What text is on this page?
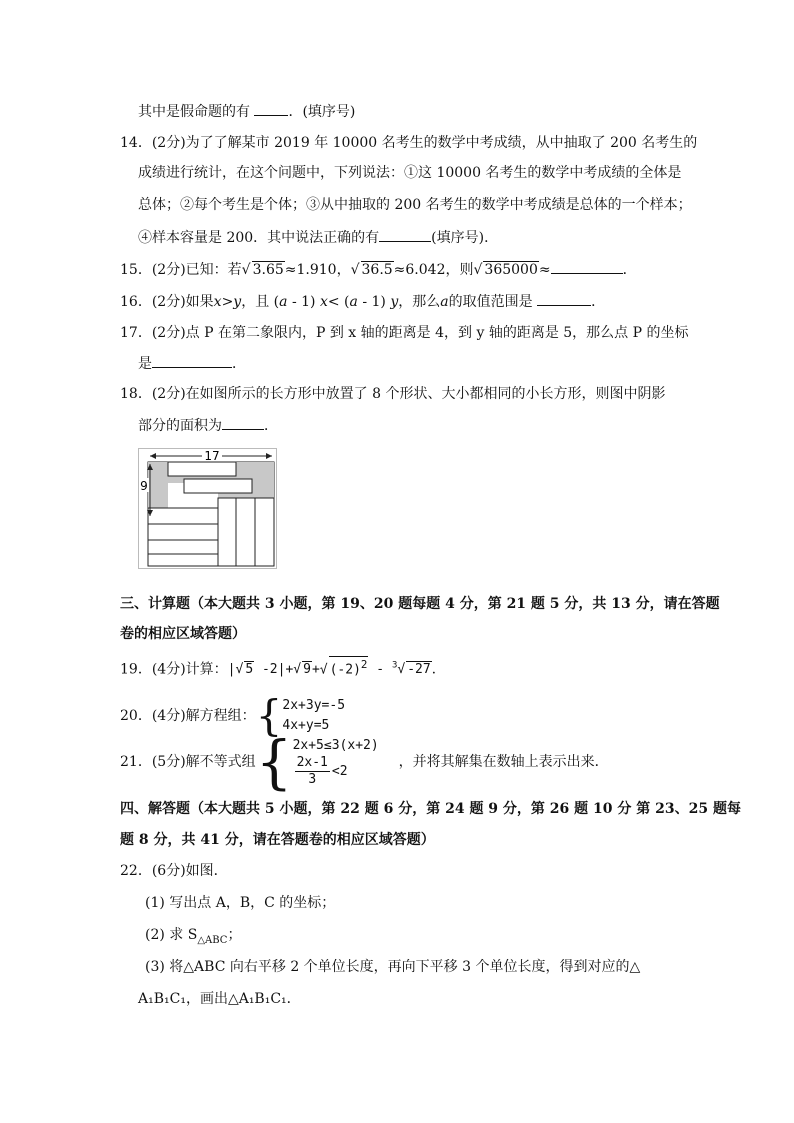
其中是假命题的有	．(填序号)
14．(2分)为了了解某市 2019 年 10000 名考生的数学中考成绩，从中抽取了 200 名考生的
成绩进行统计，在这个问题中，下列说法：①这 10000 名考生的数学中考成绩的全体是
总体；②每个考生是个体；③从中抽取的 200 名考生的数学中考成绩是总体的一个样本；
④样本容量是 200．其中说法正确的有	(填序号)．
15．(2分)已知：若√ 3.65≈1.910，√ 36.5≈6.042，则√ 365000≈	．
16．(2分)如果x>y，且 (a - 1) x< (a - 1) y，那么a的取值范围是	．
17．(2分)点 P 在第二象限内，P 到 x 轴的距离是 4，到 y 轴的距离是 5，那么点 P 的坐标
是	．
18．(2分)在如图所示的长方形中放置了 8 个形状、大小都相同的小长方形，则图中阴影
部分的面积为	．
17
9
三、计算题（本大题共 3 小题，第 19、20 题每题 4 分，第 21 题 5 分，共 13 分，请在答题
卷的相应区域答题）
19．(4分)计算：|√ 5 -2|+√ 9+√ $(-2)^2 - ^3√$ -27.
20．(4分)解方程组：{ 2x+3y=-5
4x+y=5
21．(5分)解不等式组{ 2x+5≤3(x+2)
$\frac{2x-1}{3} <2$
，并将其解集在数轴上表示出来．
四、解答题（本大题共 5 小题，第 22 题 6 分，第 24 题 9 分，第 26 题 10 分 第 23、25 题每
题 8 分，共 41 分，请在答题卷的相应区域答题）
22．(6分)如图．
(1) 写出点 A，B，C 的坐标；
(2) 求 $S_{\triangle ABC}$；
(3) 将△ABC 向右平移 2 个单位长度，再向下平移 3 个单位长度，得到对应的△
A₁B₁C₁，画出△A₁B₁C₁．
